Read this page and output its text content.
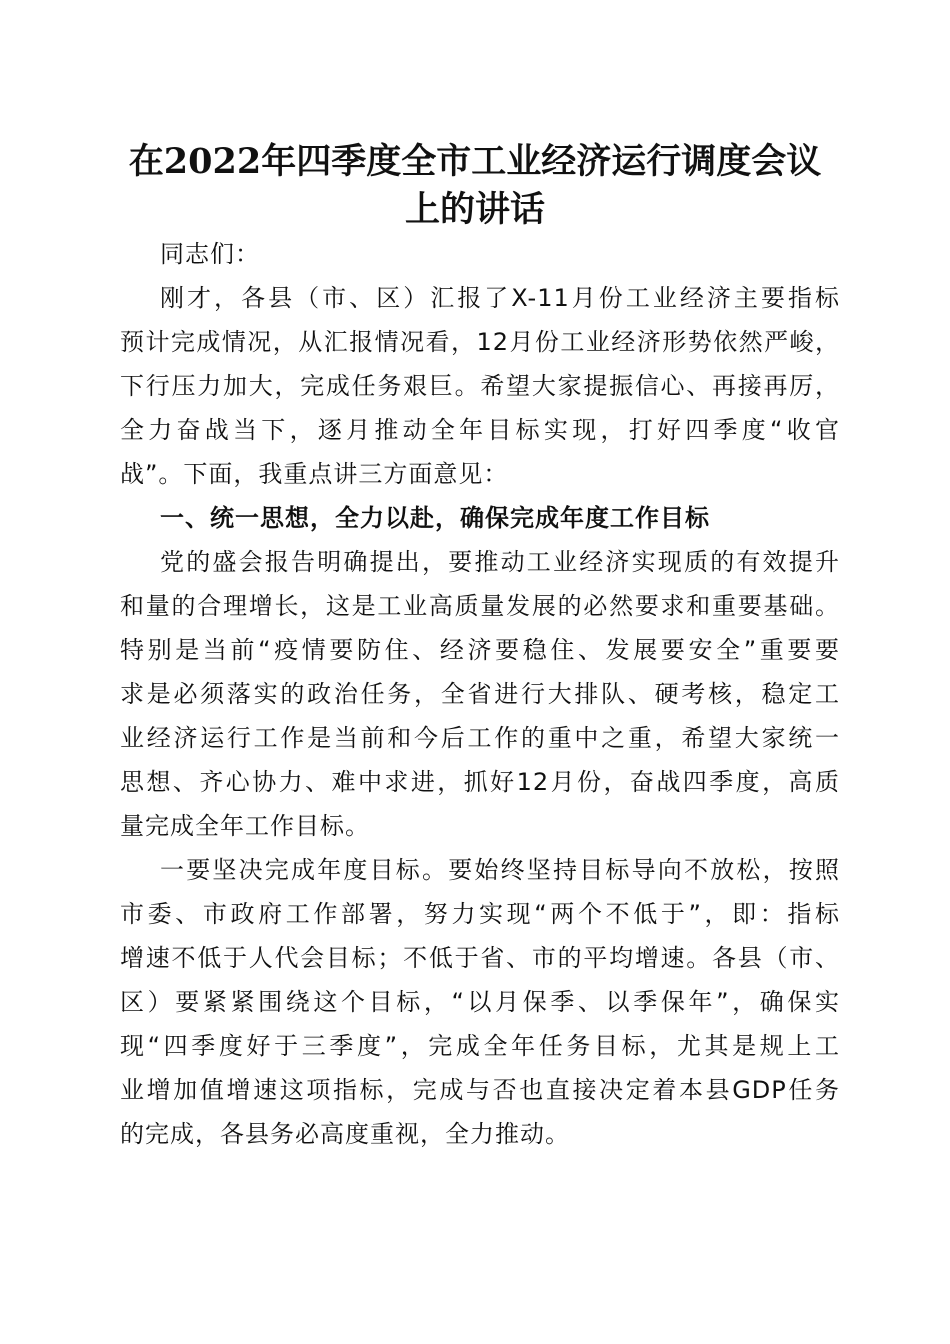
在2022年四季度全市工业经济运行调度会议
上的讲话

同志们：

刚才，各县（市、区）汇报了X-11月份工业经济主要指标

预计完成情况，从汇报情况看，12月份工业经济形势依然严峻，

下行压力加大，完成任务艰巨。希望大家提振信心、再接再厉，

全力奋战当下，逐月推动全年目标实现，打好四季度“收官

战”。下面，我重点讲三方面意见：

一、统一思想，全力以赴，确保完成年度工作目标

党的盛会报告明确提出，要推动工业经济实现质的有效提升

和量的合理增长，这是工业高质量发展的必然要求和重要基础。

特别是当前“疫情要防住、经济要稳住、发展要安全”重要要

求是必须落实的政治任务，全省进行大排队、硬考核，稳定工

业经济运行工作是当前和今后工作的重中之重，希望大家统一

思想、齐心协力、难中求进，抓好12月份，奋战四季度，高质

量完成全年工作目标。

一要坚决完成年度目标。要始终坚持目标导向不放松，按照

市委、市政府工作部署，努力实现“两个不低于”，即：指标

增速不低于人代会目标；不低于省、市的平均增速。各县（市、

区）要紧紧围绕这个目标，“以月保季、以季保年”，确保实

现“四季度好于三季度”，完成全年任务目标，尤其是规上工

业增加值增速这项指标，完成与否也直接决定着本县GDP任务

的完成，各县务必高度重视，全力推动。
